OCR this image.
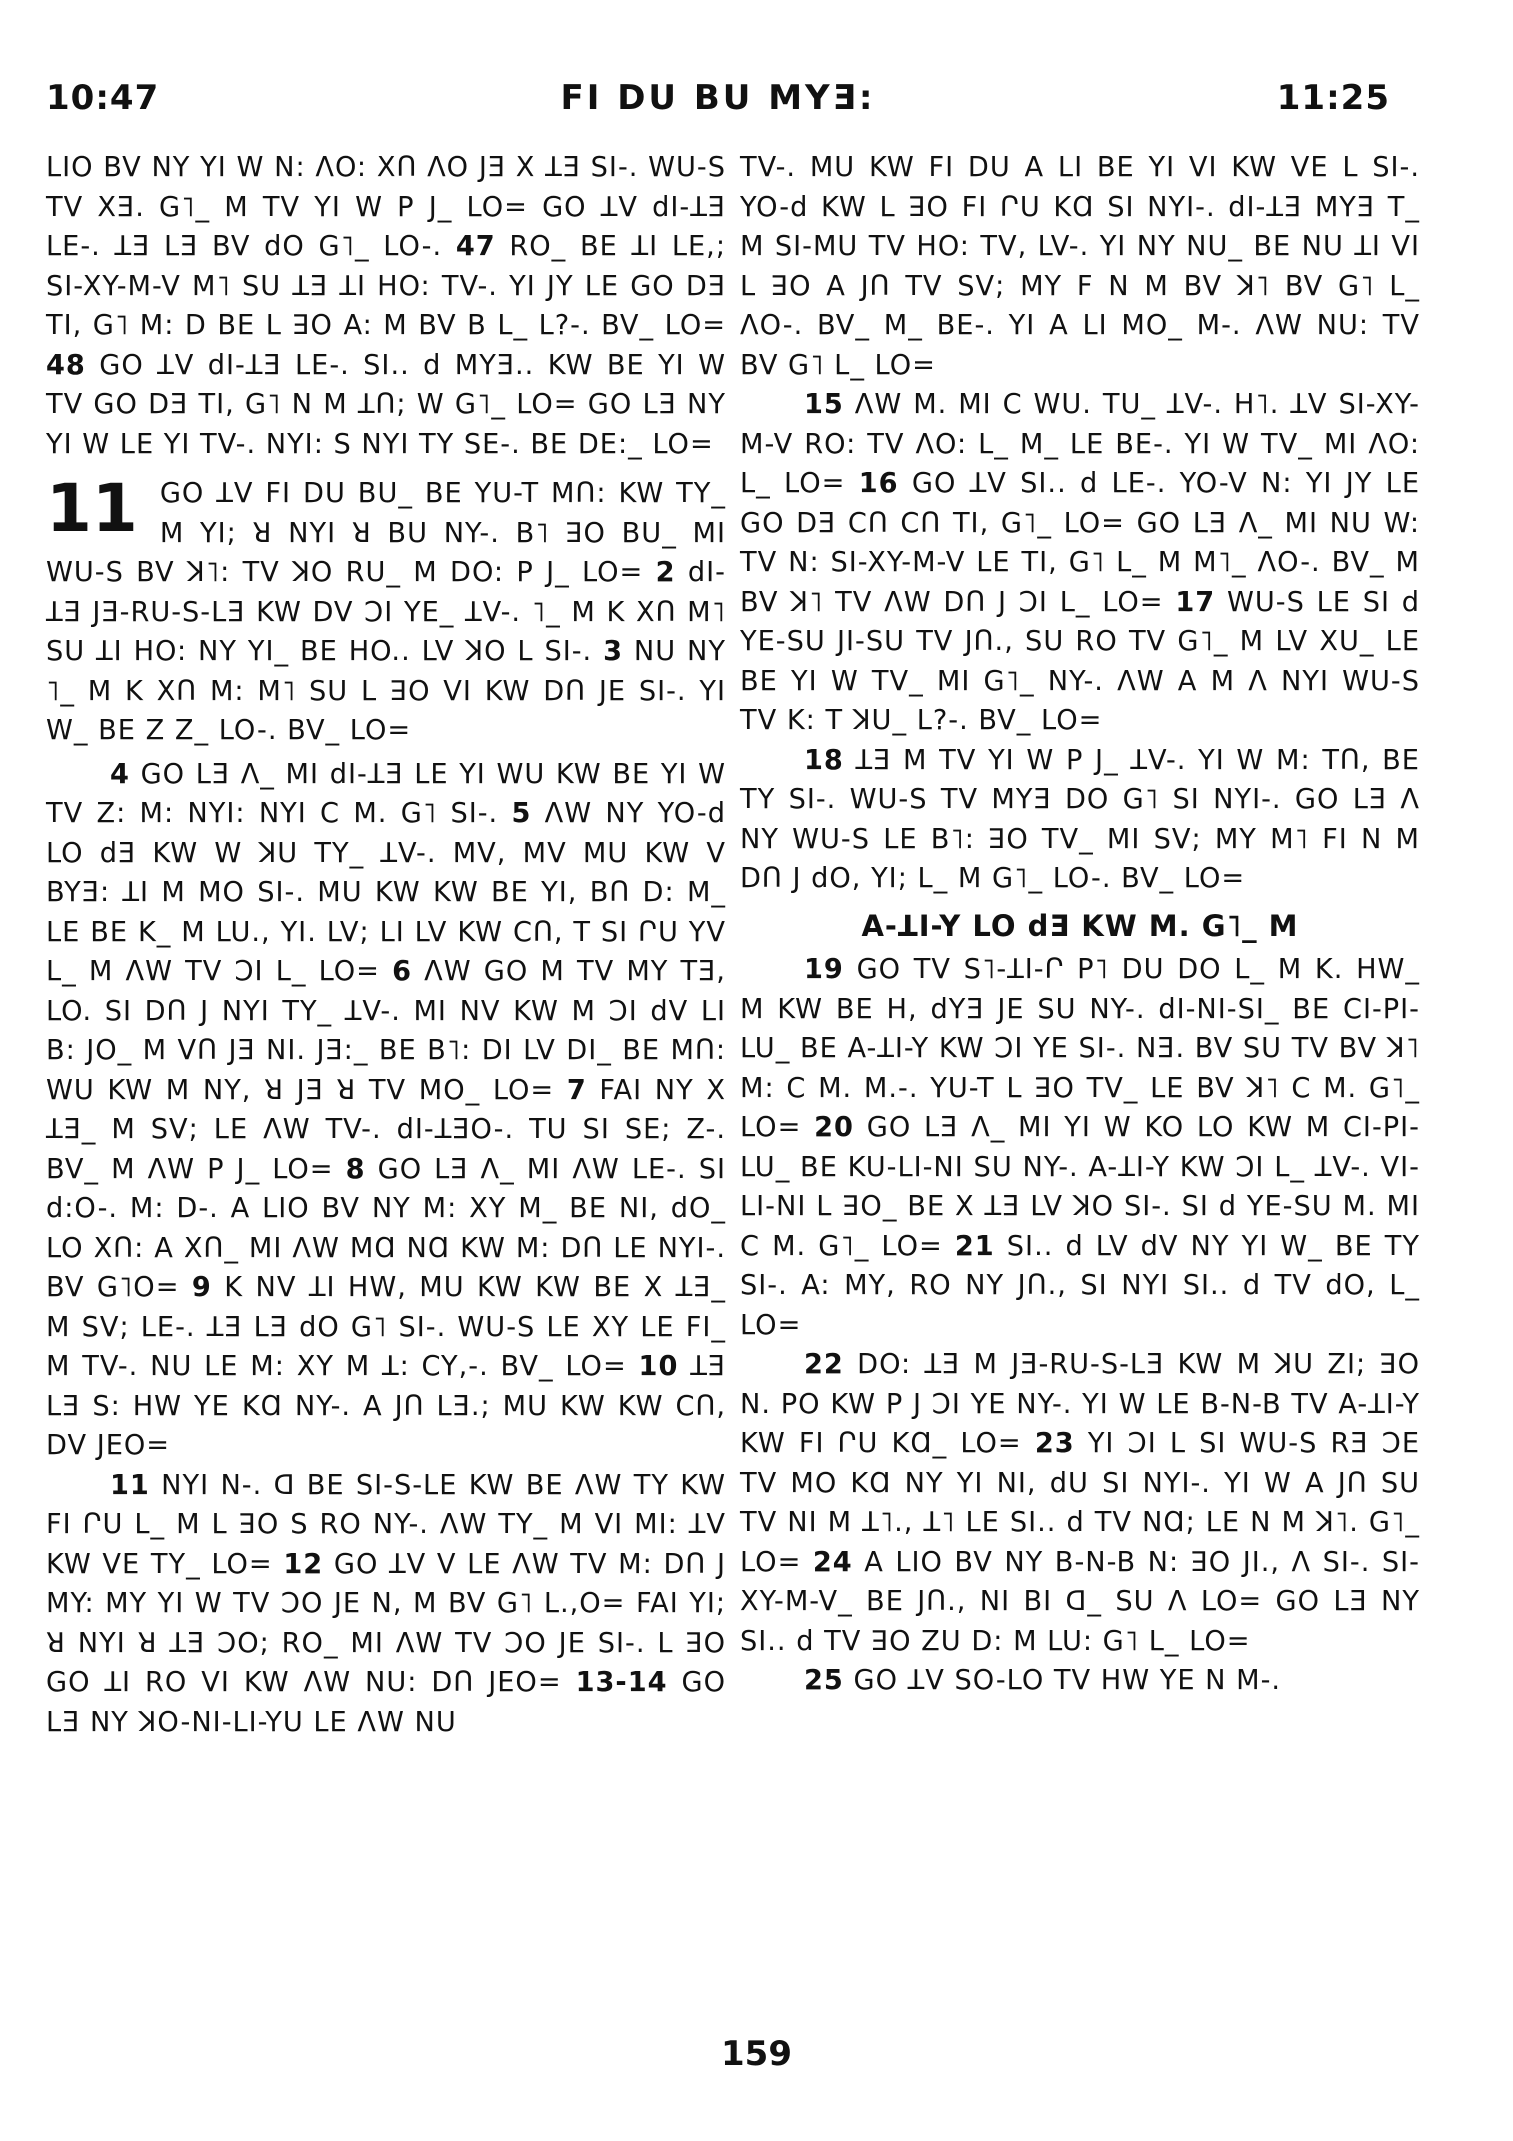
10:47	FI DU BU MYƎ:	11:25

LIO BV NY YI W N: ΛO: XՈ ΛO JƎ X ꓕƎ SI-. WU-S TV XƎ. G˥_ M TV YI W P J_ LO= GO ꓕV dI-ꓕƎ LE-. ꓕƎ LƎ BV dO G˥_ LO-. 47 RO_ BE ꓕI LE,; SI-XY-M-V M˥ SU ꓕƎ ꓕI HO: TV-. YI JY LE GO DƎ TI, G˥ M: D BE L ꓱO A: M BV B L_ L?-. BV_ LO= 48 GO ꓕV dI-ꓕƎ LE-. SI.. d MYƎ.. KW BE YI W TV GO DƎ TI, G˥ N M ꓕՈ; W G˥_ LO= GO LƎ NY YI W LE YI TV-. NYI: S NYI TY SE-. BE DE:_ LO=

11 GO ꓕV FI DU BU_ BE YU-T MՈ: KW TY_ M YI; ꓤ NYI ꓤ BU NY-. B˥ ꓱO BU_ MI WU-S BV ꓘ˥: TV ꓘO RU_ M DO: P J_ LO= 2 dI-ꓕƎ JƎ-RU-S-LƎ KW DV ƆI YE_ ꓕV-. ˥_ M K XՈ M˥ SU ꓕI HO: NY YI_ BE HO.. LV ꓘO L SI-. 3 NU NY ˥_ M K XՈ M: M˥ SU L ꓱO VI KW DՈ JE SI-. YI W_ BE Z Z_ LO-. BV_ LO=

4 GO LƎ Λ_ MI dI-ꓕƎ LE YI WU KW BE YI W TV Z: M: NYI: NYI C M. G˥ SI-. 5 ΛW NY YO-d LO dƎ KW W ꓘU TY_ ꓕV-. MV, MV MU KW V BYƎ: ꓕI M MO SI-. MU KW KW BE YI, BՈ D: M_ LE BE K_ M LU., YI. LV; LI LV KW CՈ, T SI ՐU YV L_ M ΛW TV ƆI L_ LO= 6 ΛW GO M TV MY TƎ, LO. SI DՈ J NYI TY_ ꓕV-. MI NV KW M ƆI dV LI B: JO_ M VՈ JƎ NI. JƎ:_ BE B˥: DI LV DI_ BE MՈ: WU KW M NY, ꓤ JƎ ꓤ TV MO_ LO= 7 FAI NY X ꓕƎ_ M SV; LE ΛW TV-. dI-ꓕƎO-. TU SI SE; Z-. BV_ M ΛW P J_ LO= 8 GO LƎ Λ_ MI ΛW LE-. SI d:O-. M: D-. A LIO BV NY M: XY M_ BE NI, dO_ LO XՈ: A XՈ_ MI ΛW MⱭ NⱭ KW M: DՈ LE NYI-. BV G˥O= 9 K NV ꓕI HW, MU KW KW BE X ꓕƎ_ M SV; LE-. ꓕƎ LƎ dO G˥ SI-. WU-S LE XY LE FI_ M TV-. NU LE M: XY M ꓕ: CY,-. BV_ LO= 10 ꓕƎ LƎ S: HW YE KⱭ NY-. A JՈ LƎ.; MU KW KW CՈ, DV JEO=

11 NYI N-. ꓷ BE SI-S-LE KW BE ΛW TY KW FI ՐU L_ M L ꓱO S RO NY-. ΛW TY_ M VI MI: ꓕV KW VE TY_ LO= 12 GO ꓕV V LE ΛW TV M: DՈ J MY: MY YI W TV ƆO JE N, M BV G˥ L.,O= FAI YI; ꓤ NYI ꓤ ꓕƎ ƆO; RO_ MI ΛW TV ƆO JE SI-. L ꓱO GO ꓕI RO VI KW ΛW NU: DՈ JEO= 13-14 GO LƎ NY ꓘO-NI-LI-YU LE ΛW NU

TV-. MU KW FI DU A LI BE YI VI KW VE L SI-. YO-d KW L ꓱO FI ՐU KⱭ SI NYI-. dI-ꓕƎ MYƎ T_ M SI-MU TV HO: TV, LV-. YI NY NU_ BE NU ꓕI VI L ꓱO A JՈ TV SV; MY F N M BV ꓘ˥ BV G˥ L_ ΛO-. BV_ M_ BE-. YI A LI MO_ M-. ΛW NU: TV BV G˥ L_ LO=

15 ΛW M. MI C WU. TU_ ꓕV-. H˥. ꓕV SI-XY-M-V RO: TV ΛO: L_ M_ LE BE-. YI W TV_ MI ΛO: L_ LO= 16 GO ꓕV SI.. d LE-. YO-V N: YI JY LE GO DƎ CՈ CՈ TI, G˥_ LO= GO LƎ Λ_ MI NU W: TV N: SI-XY-M-V LE TI, G˥ L_ M M˥_ ΛO-. BV_ M BV ꓘ˥ TV ΛW DՈ J ƆI L_ LO= 17 WU-S LE SI d YE-SU JI-SU TV JՈ., SU RO TV G˥_ M LV XU_ LE BE YI W TV_ MI G˥_ NY-. ΛW A M Λ NYI WU-S TV K: T ꓘU_ L?-. BV_ LO=

18 ꓕƎ M TV YI W P J_ ꓕV-. YI W M: TՈ, BE TY SI-. WU-S TV MYƎ DO G˥ SI NYI-. GO LƎ Λ NY WU-S LE B˥: ꓱO TV_ MI SV; MY M˥ FI N M DՈ J dO, YI; L_ M G˥_ LO-. BV_ LO=

A-ꓕI-Y LO dƎ KW M. G˥_ M

19 GO TV S˥-ꓕI-Ր P˥ DU DO L_ M K. HW_ M KW BE H, dYƎ JE SU NY-. dI-NI-SI_ BE CI-PI-LU_ BE A-ꓕI-Y KW ƆI YE SI-. NƎ. BV SU TV BV ꓘ˥ M: C M. M.-. YU-T L ꓱO TV_ LE BV ꓘ˥ C M. G˥_ LO= 20 GO LƎ Λ_ MI YI W KO LO KW M CI-PI-LU_ BE KU-LI-NI SU NY-. A-ꓕI-Y KW ƆI L_ ꓕV-. VI-LI-NI L ꓱO_ BE X ꓕƎ LV ꓘO SI-. SI d YE-SU M. MI C M. G˥_ LO= 21 SI.. d LV dV NY YI W_ BE TY SI-. A: MY, RO NY JՈ., SI NYI SI.. d TV dO, L_ LO=

22 DO: ꓕƎ M JƎ-RU-S-LƎ KW M ꓘU ZI; ꓱO N. PO KW P J ƆI YE NY-. YI W LE B-N-B TV A-ꓕI-Y KW FI ՐU KⱭ_ LO= 23 YI ƆI L SI WU-S RƎ ƆE TV MO KⱭ NY YI NI, dU SI NYI-. YI W A JՈ SU TV NI M ꓕ˥., ꓕ˥ LE SI.. d TV NⱭ; LE N M ꓘ˥. G˥_ LO= 24 A LIO BV NY B-N-B N: ꓱO JI., Λ SI-. SI-XY-M-V_ BE JՈ., NI BI ꓷ_ SU Λ LO= GO LƎ NY SI.. d TV ꓱO ZU D: M LU: G˥ L_ LO=

25 GO ꓕV SO-LO TV HW YE N M-.

159
